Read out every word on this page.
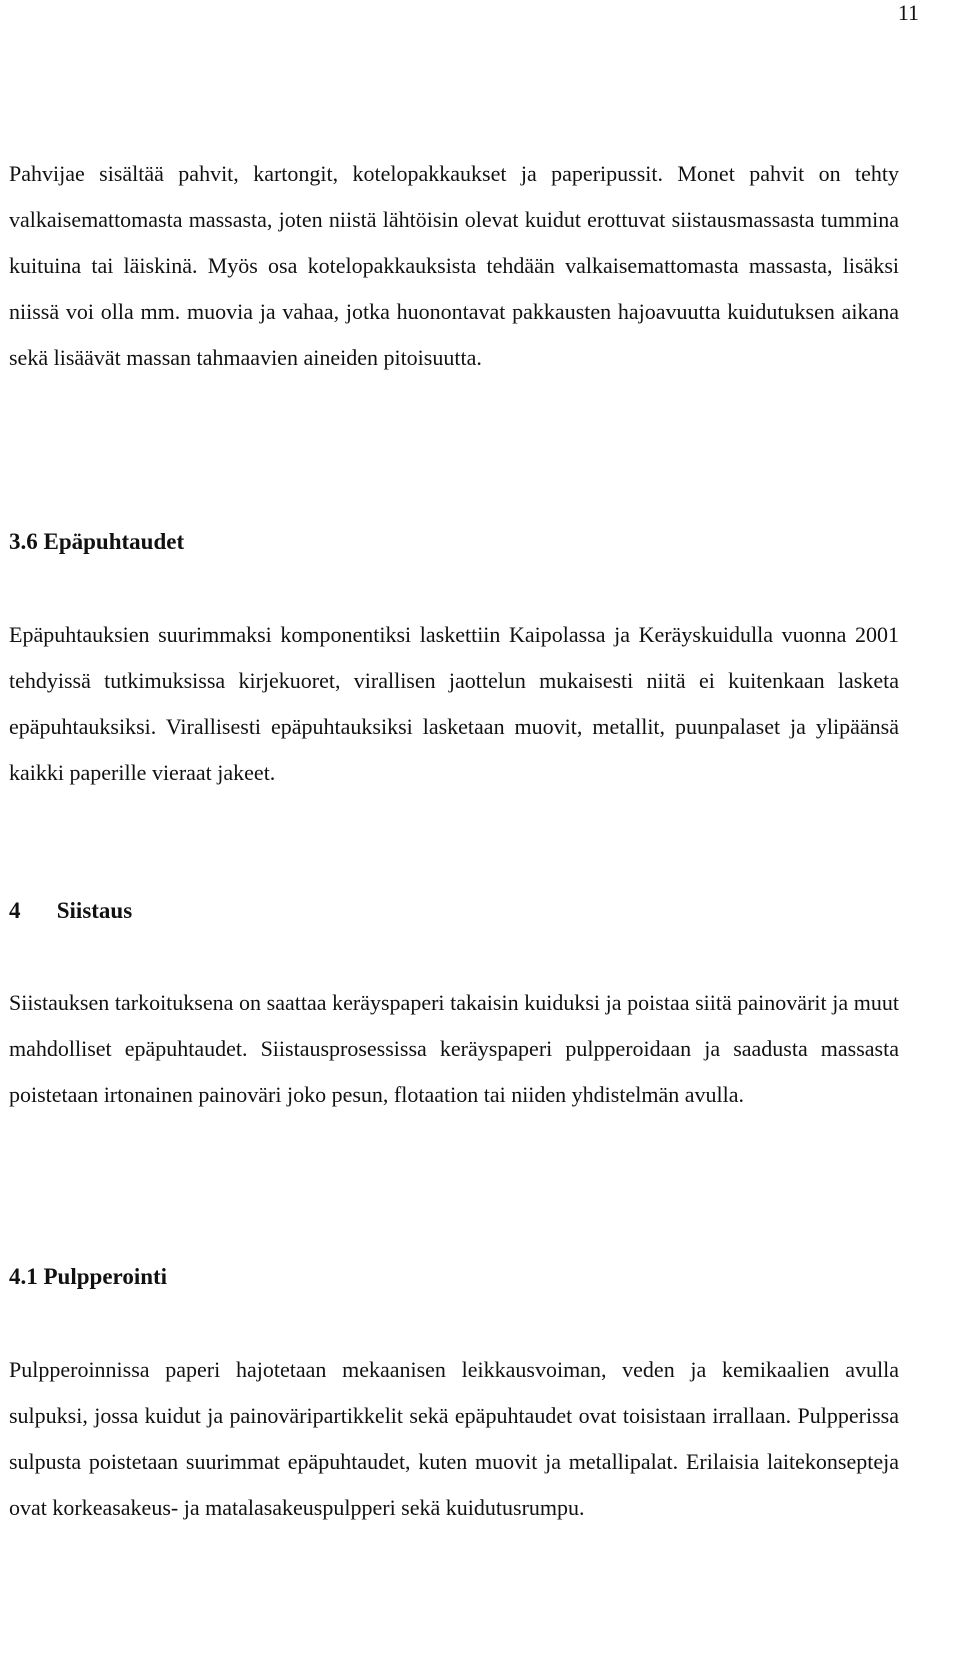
11

Pahvijae sisältää pahvit, kartongit, kotelopakkaukset ja paperipussit. Monet pahvit on tehty valkaisemattomasta massasta, joten niistä lähtöisin olevat kuidut erottuvat siistausmassasta tummina kuituina tai läiskinä. Myös osa kotelopakkauksista tehdään valkaisemattomasta massasta, lisäksi niissä voi olla mm. muovia ja vahaa, jotka huonontavat pakkausten hajoavuutta kuidutuksen aikana sekä lisäävät massan tahmaavien aineiden pitoisuutta.

3.6 Epäpuhtaudet

Epäpuhtauksien suurimmaksi komponentiksi laskettiin Kaipolassa ja Keräyskuidulla vuonna 2001 tehdyissä tutkimuksissa kirjekuoret, virallisen jaottelun mukaisesti niitä ei kuitenkaan lasketa epäpuhtauksiksi. Virallisesti epäpuhtauksiksi lasketaan muovit, metallit, puunpalaset ja ylipäänsä kaikki paperille vieraat jakeet.

4 Siistaus

Siistauksen tarkoituksena on saattaa keräyspaperi takaisin kuiduksi ja poistaa siitä painovärit ja muut mahdolliset epäpuhtaudet. Siistausprosessissa keräyspaperi pulpperoidaan ja saadusta massasta poistetaan irtonainen painoväri joko pesun, flotaation tai niiden yhdistelmän avulla.

4.1 Pulpperointi

Pulpperoinnissa paperi hajotetaan mekaanisen leikkausvoiman, veden ja kemikaalien avulla sulpuksi, jossa kuidut ja painoväripartikkelit sekä epäpuhtaudet ovat toisistaan irrallaan. Pulpperissa sulpusta poistetaan suurimmat epäpuhtaudet, kuten muovit ja metallipalat. Erilaisia laitekonsepteja ovat korkeasakeus- ja matalasakeuspulpperi sekä kuidutusrumpu.
